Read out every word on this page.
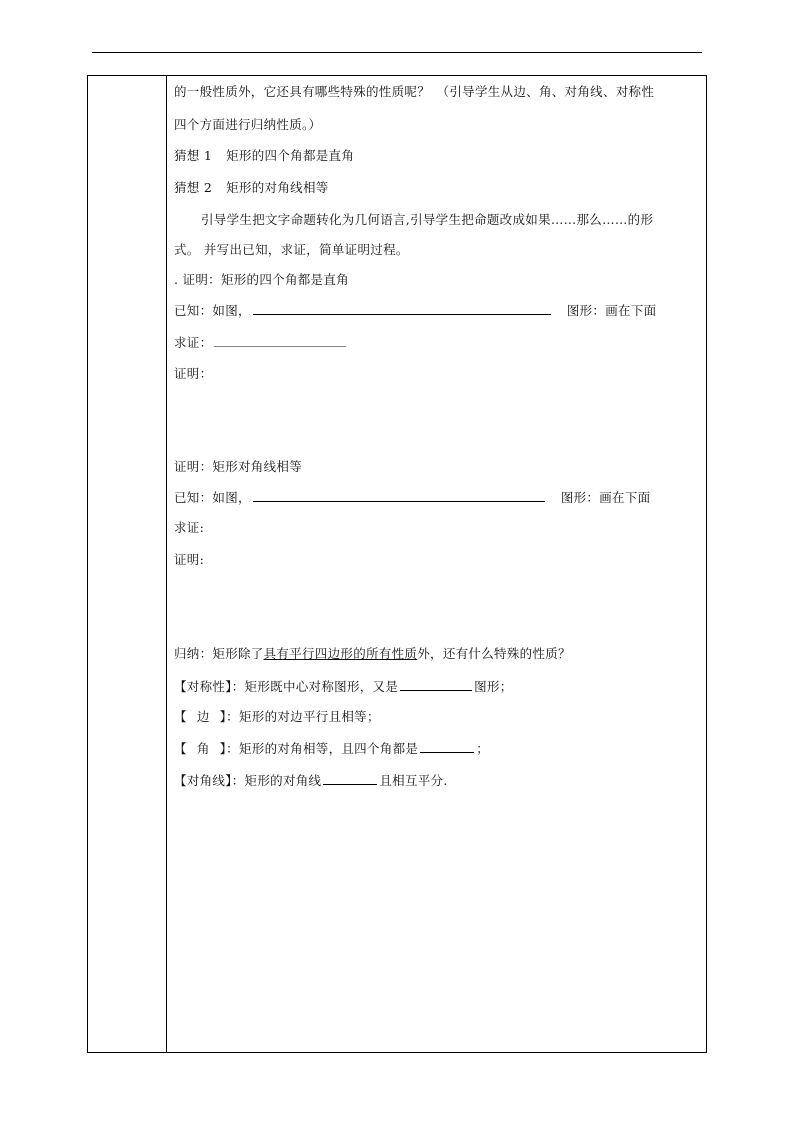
的一般性质外，它还具有哪些特殊的性质呢？　（引导学生从边、角、对角线、对称性
四个方面进行归纳性质。）
猜想 1 矩形的四个角都是直角
猜想 2 矩形的对角线相等
引导学生把文字命题转化为几何语言,引导学生把命题改成如果……那么……的形
式。 并写出已知，求证，简单证明过程。
. 证明：矩形的四个角都是直角
已知：如图，	图形：画在下面
求证：
证明：
证明：矩形对角线相等
已知：如图，	图形：画在下面
求证:
证明:
归纳：矩形除了具有平行四边形的所有性质外，还有什么特殊的性质？
【对称性】：矩形既中心对称图形，又是	图形；
【 边 】：矩形的对边平行且相等；
【 角 】：矩形的对角相等，且四个角都是	；
【对角线】：矩形的对角线	且相互平分.
